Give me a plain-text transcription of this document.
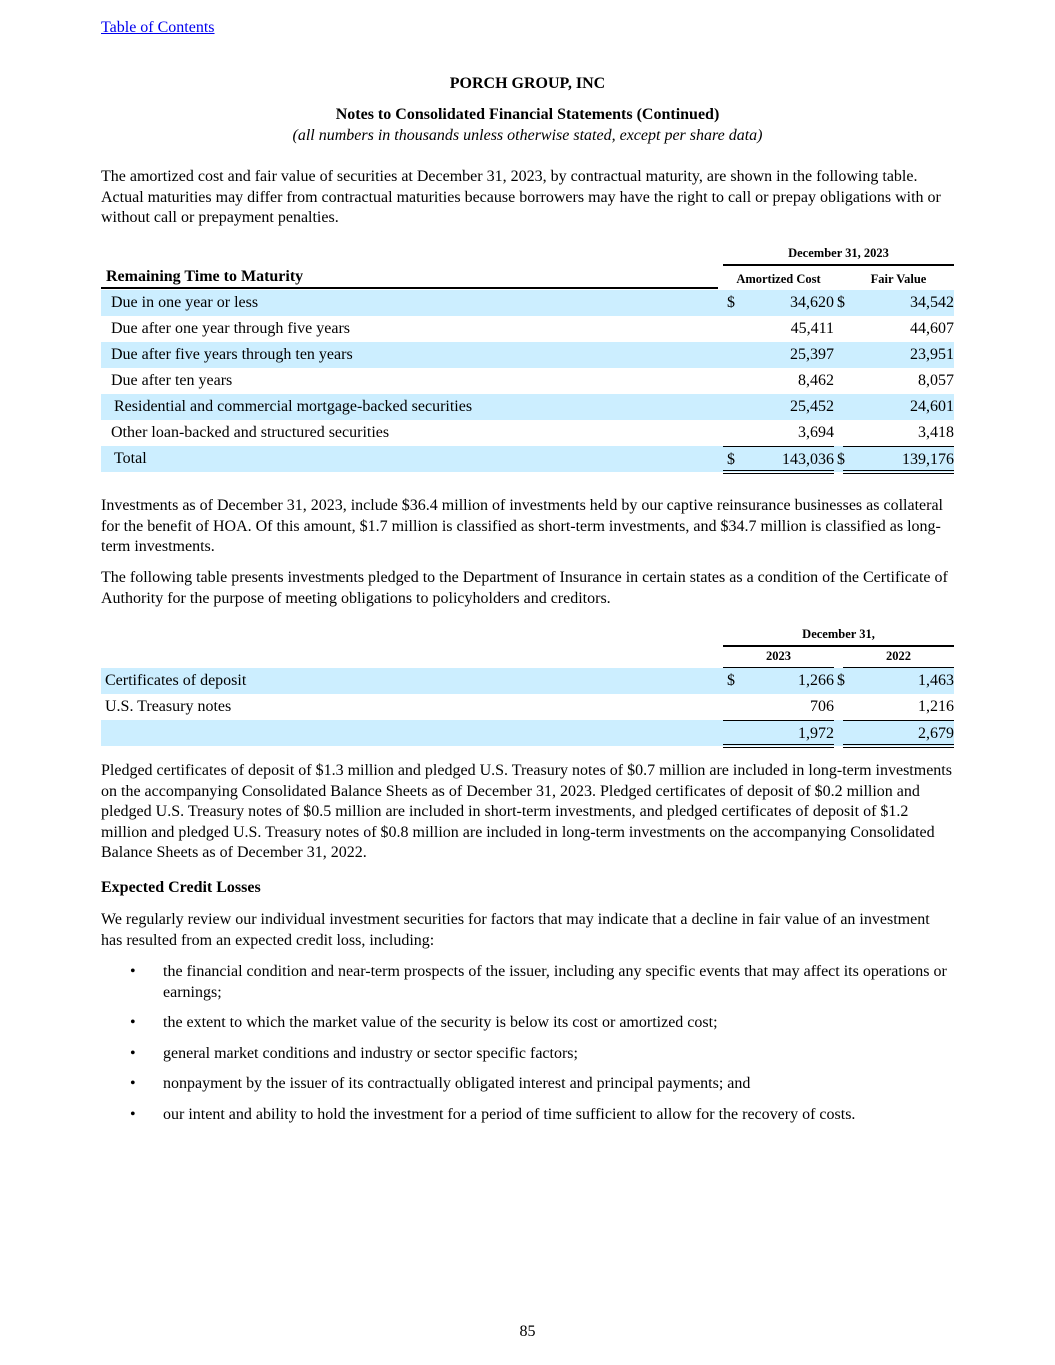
Table of Contents
PORCH GROUP, INC
Notes to Consolidated Financial Statements (Continued)
(all numbers in thousands unless otherwise stated, except per share data)

The amortized cost and fair value of securities at December 31, 2023, by contractual maturity, are shown in the following table. Actual maturities may differ from contractual maturities because borrowers may have the right to call or prepay obligations with or without call or prepayment penalties.

December 31, 2023
Remaining Time to Maturity	Amortized Cost	Fair Value
Due in one year or less	$	34,620 $	34,542
Due after one year through five years	45,411	44,607
Due after five years through ten years	25,397	23,951
Due after ten years	8,462	8,057
Residential and commercial mortgage-backed securities	25,452	24,601
Other loan-backed and structured securities	3,694	3,418
Total	$	143,036 $	139,176

Investments as of December 31, 2023, include $36.4 million of investments held by our captive reinsurance businesses as collateral for the benefit of HOA. Of this amount, $1.7 million is classified as short-term investments, and $34.7 million is classified as long-term investments.

The following table presents investments pledged to the Department of Insurance in certain states as a condition of the Certificate of Authority for the purpose of meeting obligations to policyholders and creditors.

December 31,
2023	2022
Certificates of deposit	$	1,266 $	1,463
U.S. Treasury notes	706	1,216
1,972	2,679

Pledged certificates of deposit of $1.3 million and pledged U.S. Treasury notes of $0.7 million are included in long-term investments on the accompanying Consolidated Balance Sheets as of December 31, 2023. Pledged certificates of deposit of $0.2 million and pledged U.S. Treasury notes of $0.5 million are included in short-term investments, and pledged certificates of deposit of $1.2 million and pledged U.S. Treasury notes of $0.8 million are included in long-term investments on the accompanying Consolidated Balance Sheets as of December 31, 2022.

Expected Credit Losses

We regularly review our individual investment securities for factors that may indicate that a decline in fair value of an investment has resulted from an expected credit loss, including:

• the financial condition and near-term prospects of the issuer, including any specific events that may affect its operations or earnings;
• the extent to which the market value of the security is below its cost or amortized cost;
• general market conditions and industry or sector specific factors;
• nonpayment by the issuer of its contractually obligated interest and principal payments; and
• our intent and ability to hold the investment for a period of time sufficient to allow for the recovery of costs.
85
